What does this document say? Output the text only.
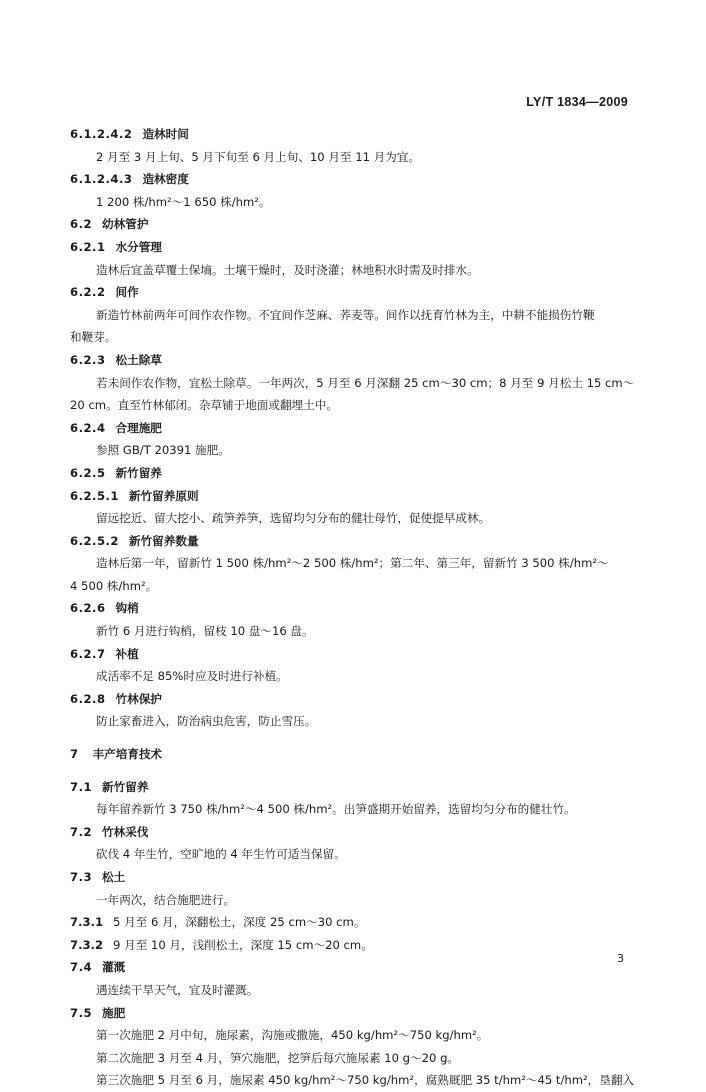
LY/T 1834—2009
6.1.2.4.2 造林时间
2 月至 3 月上旬、5 月下旬至 6 月上旬、10 月至 11 月为宜。
6.1.2.4.3 造林密度
1 200 株/hm²～1 650 株/hm²。
6.2 幼林管护
6.2.1 水分管理
造林后宜盖草覆土保墒。土壤干燥时，及时浇灌；林地积水时需及时排水。
6.2.2 间作
新造竹林前两年可间作农作物。不宜间作芝麻、荞麦等。间作以抚育竹林为主，中耕不能损伤竹鞭
和鞭芽。
6.2.3 松土除草
若未间作农作物，宜松土除草。一年两次，5 月至 6 月深翻 25 cm～30 cm；8 月至 9 月松土 15 cm～
20 cm。直至竹林郁闭。杂草铺于地面或翻埋土中。
6.2.4 合理施肥
参照 GB/T 20391 施肥。
6.2.5 新竹留养
6.2.5.1 新竹留养原则
留远挖近、留大挖小、疏笋养笋，选留均匀分布的健壮母竹，促使提早成林。
6.2.5.2 新竹留养数量
造林后第一年，留新竹 1 500 株/hm²～2 500 株/hm²；第二年、第三年，留新竹 3 500 株/hm²～
4 500 株/hm²。
6.2.6 钩梢
新竹 6 月进行钩梢，留枝 10 盘～16 盘。
6.2.7 补植
成活率不足 85%时应及时进行补植。
6.2.8 竹林保护
防止家畜进入，防治病虫危害，防止雪压。
7 丰产培育技术
7.1 新竹留养
每年留养新竹 3 750 株/hm²～4 500 株/hm²。出笋盛期开始留养，选留均匀分布的健壮竹。
7.2 竹林采伐
砍伐 4 年生竹，空旷地的 4 年生竹可适当保留。
7.3 松土
一年两次，结合施肥进行。
7.3.1 5 月至 6 月，深翻松土，深度 25 cm～30 cm。
7.3.2 9 月至 10 月，浅削松土，深度 15 cm～20 cm。
7.4 灌溉
遇连续干旱天气，宜及时灌溉。
7.5 施肥
第一次施肥 2 月中旬，施尿素，沟施或撒施，450 kg/hm²～750 kg/hm²。
第二次施肥 3 月至 4 月，笋穴施肥，挖笋后每穴施尿素 10 g～20 g。
第三次施肥 5 月至 6 月，施尿素 450 kg/hm²～750 kg/hm²，腐熟厩肥 35 t/hm²～45 t/hm²，垦翻入
3
